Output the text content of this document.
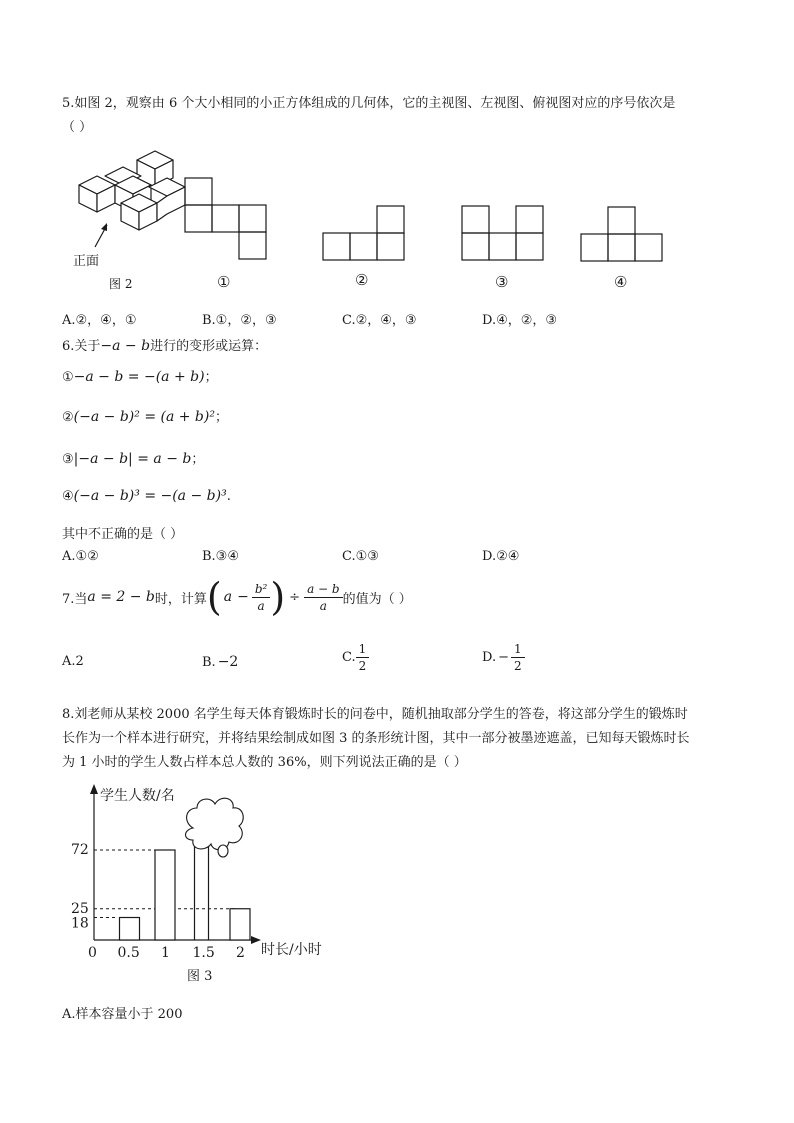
5.如图 2，观察由 6 个大小相同的小正方体组成的几何体，它的主视图、左视图、俯视图对应的序号依次是
（ ）
正面
图 2	①	②	③	④
A.②，④，①	B.①，②，③	C.②，④，③	D.④，②，③
6.关于−a − b进行的变形或运算：
①−a − b = −(a + b)；
②(−a − b)² = (a + b)²；
③|−a − b| = a − b；
④(−a − b)³ = −(a − b)³.
其中不正确的是（ ）
A.①②	B.③④	C.①③	D.②④
7.当 a = 2 − b 时，计算 ( $a - \frac{\text{b²}}{a}$ ) ÷ $\frac{a - b}{a}$ 的值为（ ）
A.2	B. −2	C. $\frac{1}{2}$	D. − $\frac{1}{2}$
8.刘老师从某校 2000 名学生每天体育锻炼时长的问卷中，随机抽取部分学生的答卷，将这部分学生的锻炼时
长作为一个样本进行研究，并将结果绘制成如图 3 的条形统计图，其中一部分被墨迹遮盖，已知每天锻炼时长
为 1 小时的学生人数占样本总人数的 36%，则下列说法正确的是（ ）
学生人数/名
时长/小时
18
25
72
0 0.5 1 1.5 2
图 3
A.样本容量小于 200
